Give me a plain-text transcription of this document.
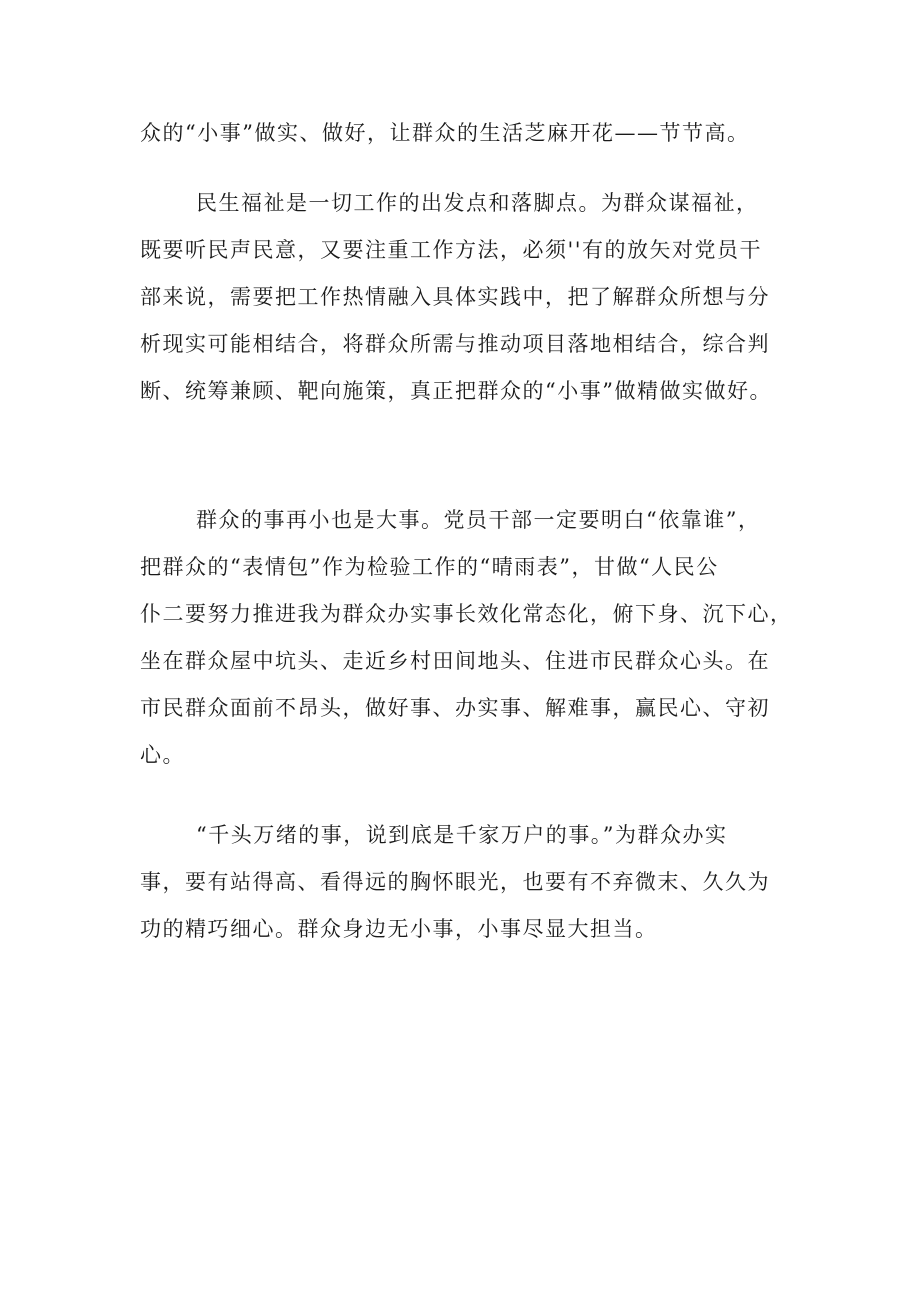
众的“小事”做实、做好，让群众的生活芝麻开花——节节高。
民生福祉是一切工作的出发点和落脚点。为群众谋福祉，
既要听民声民意，又要注重工作方法，必须''有的放矢对党员干
部来说，需要把工作热情融入具体实践中，把了解群众所想与分
析现实可能相结合，将群众所需与推动项目落地相结合，综合判
断、统筹兼顾、靶向施策，真正把群众的“小事”做精做实做好。
群众的事再小也是大事。党员干部一定要明白“依靠谁”，
把群众的“表情包”作为检验工作的“晴雨表”，甘做“人民公
仆二要努力推进我为群众办实事长效化常态化，俯下身、沉下心，
坐在群众屋中坑头、走近乡村田间地头、住进市民群众心头。在
市民群众面前不昂头，做好事、办实事、解难事，赢民心、守初
心。
“千头万绪的事，说到底是千家万户的事。”为群众办实
事，要有站得高、看得远的胸怀眼光，也要有不弃微末、久久为
功的精巧细心。群众身边无小事，小事尽显大担当。
